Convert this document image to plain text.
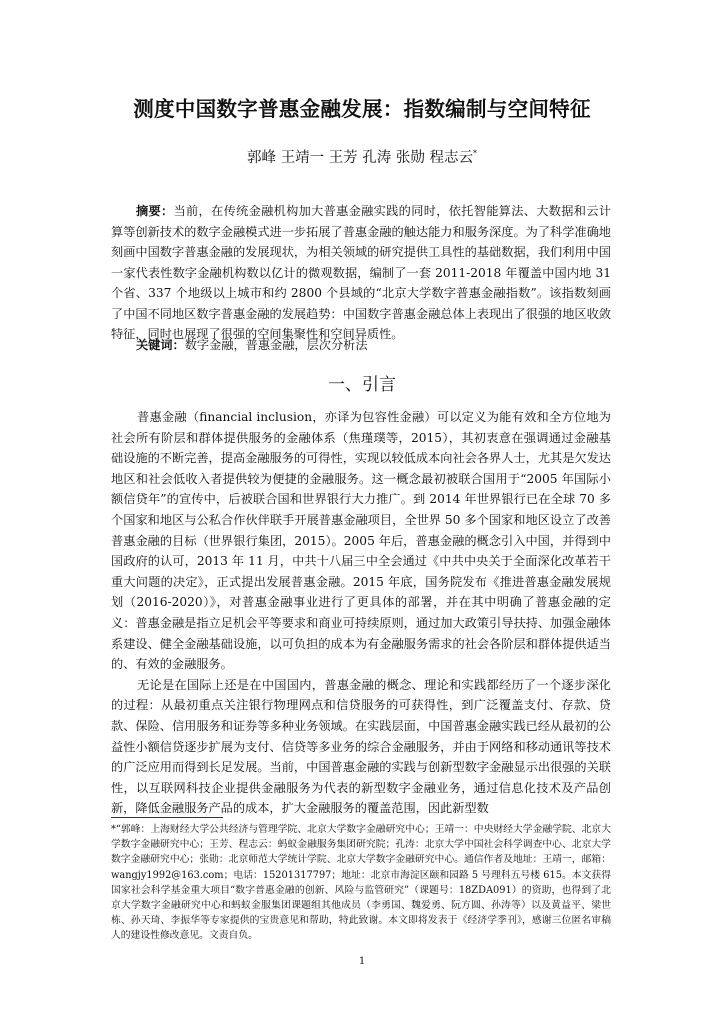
测度中国数字普惠金融发展：指数编制与空间特征
郭峰 王靖一 王芳 孔涛 张勋 程志云*
摘要：当前，在传统金融机构加大普惠金融实践的同时，依托智能算法、大数据和云计算等创新技术的数字金融模式进一步拓展了普惠金融的触达能力和服务深度。为了科学准确地刻画中国数字普惠金融的发展现状，为相关领域的研究提供工具性的基础数据，我们利用中国一家代表性数字金融机构数以亿计的微观数据，编制了一套 2011-2018 年覆盖中国内地 31 个省、337 个地级以上城市和约 2800 个县域的“北京大学数字普惠金融指数”。该指数刻画了中国不同地区数字普惠金融的发展趋势：中国数字普惠金融总体上表现出了很强的地区收敛特征，同时也展现了很强的空间集聚性和空间异质性。
关键词：数字金融，普惠金融，层次分析法
一、引言

普惠金融（financial inclusion，亦译为包容性金融）可以定义为能有效和全方位地为社会所有阶层和群体提供服务的金融体系（焦瑾璞等，2015），其初衷意在强调通过金融基础设施的不断完善，提高金融服务的可得性，实现以较低成本向社会各界人士，尤其是欠发达地区和社会低收入者提供较为便捷的金融服务。这一概念最初被联合国用于“2005 年国际小额信贷年”的宣传中，后被联合国和世界银行大力推广。到 2014 年世界银行已在全球 70 多个国家和地区与公私合作伙伴联手开展普惠金融项目，全世界 50 多个国家和地区设立了改善普惠金融的目标（世界银行集团，2015）。2005 年后，普惠金融的概念引入中国，并得到中国政府的认可，2013 年 11 月，中共十八届三中全会通过《中共中央关于全面深化改革若干重大问题的决定》，正式提出发展普惠金融。2015 年底，国务院发布《推进普惠金融发展规划（2016-2020）》，对普惠金融事业进行了更具体的部署，并在其中明确了普惠金融的定义：普惠金融是指立足机会平等要求和商业可持续原则，通过加大政策引导扶持、加强金融体系建设、健全金融基础设施，以可负担的成本为有金融服务需求的社会各阶层和群体提供适当的、有效的金融服务。

无论是在国际上还是在中国国内，普惠金融的概念、理论和实践都经历了一个逐步深化的过程：从最初重点关注银行物理网点和信贷服务的可获得性，到广泛覆盖支付、存款、贷款、保险、信用服务和证券等多种业务领域。在实践层面，中国普惠金融实践已经从最初的公益性小额信贷逐步扩展为支付、信贷等多业务的综合金融服务，并由于网络和移动通讯等技术的广泛应用而得到长足发展。当前，中国普惠金融的实践与创新型数字金融显示出很强的关联性，以互联网科技企业提供金融服务为代表的新型数字金融业务，通过信息化技术及产品创新，降低金融服务产品的成本，扩大金融服务的覆盖范围，因此新型数

*“郭峰：上海财经大学公共经济与管理学院、北京大学数字金融研究中心；王靖一：中央财经大学金融学院、北京大学数字金融研究中心；王芳、程志云：蚂蚁金融服务集团研究院；孔涛：北京大学中国社会科学调查中心、北京大学数字金融研究中心；张勋：北京师范大学统计学院、北京大学数字金融研究中心。通信作者及地址：王靖一，邮箱：wangjy1992@163.com；电话：15201317797；地址：北京市海淀区颐和园路 5 号理科五号楼 615。本文获得国家社会科学基金重大项目“数字普惠金融的创新、风险与监管研究”（课题号：18ZDA091）的资助，也得到了北京大学数字金融研究中心和蚂蚁金服集团课题组其他成员（李勇国、魏爱勇、阮方圆、孙涛等）以及黄益平、梁世栋、孙天琦、李振华等专家提供的宝贵意见和帮助，特此致谢。本文即将发表于《经济学季刊》，感谢三位匿名审稿人的建设性修改意见。文责自负。
1
